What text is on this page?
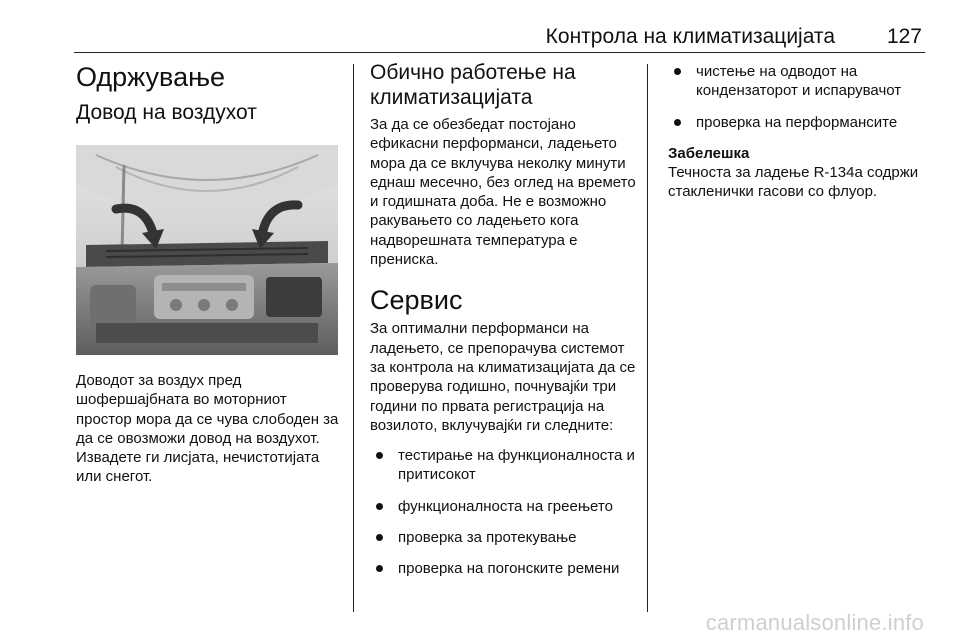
Контрола на климатизацијата 127
Одржување
Довод на воздухот

Доводот за воздух пред шофершајбната во моторниот простор мора да се чува слободен за да се овозможи довод на воздухот. Извадете ги лисјата, нечистотијата или снегот.

Обично работење на климатизацијата

За да се обезбедат постојано ефикасни перформанси, ладењето мора да се вклучува неколку минути еднаш месечно, без оглед на времето и годишната доба. Не е возможно ракувањето со ладењето кога надворешната температура е прениска.

Сервис

За оптимални перформанси на ладењето, се препорачува системот за контрола на климатизацијата да се проверува годишно, почнувајќи три години по првата регистрација на возилото, вклучувајќи ги следните:

тестирање на функционалноста и притисокот
функционалноста на греењето
проверка за протекување
проверка на погонските ремени
чистење на одводот на кондензаторот и испарувачот
проверка на перформансите
Забелешка

Течноста за ладење R-134a содржи стакленички гасови со флуор.

carmanualsonline.info
